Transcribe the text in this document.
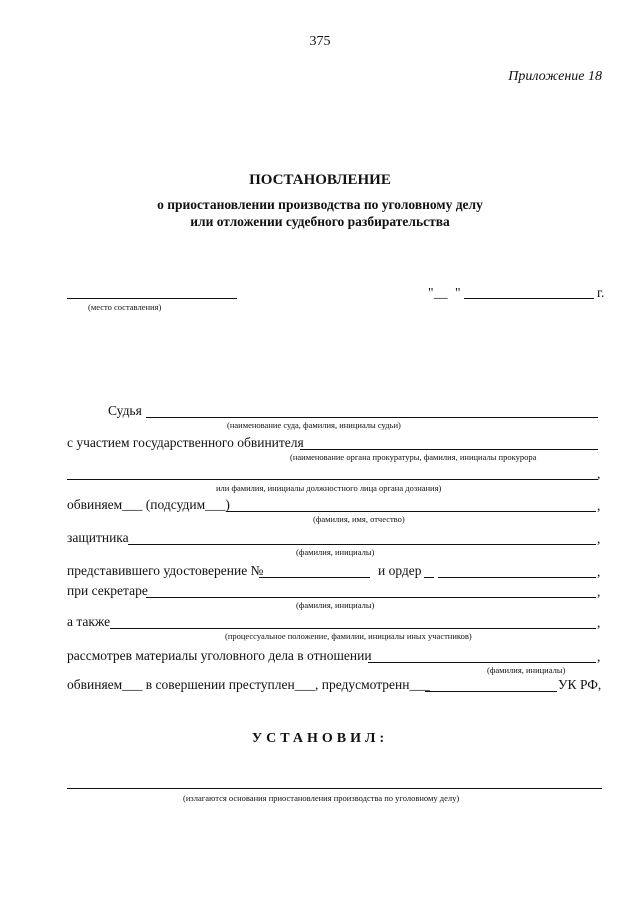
375
Приложение 18
ПОСТАНОВЛЕНИЕ
о приостановлении производства по уголовному делу
или отложении судебного разбирательства
(место составления)
" __ "	г.
Судья
(наименование суда, фамилия, инициалы судьи)
с участием государственного обвинителя
(наименование органа прокуратуры, фамилия, инициалы прокурора
,
или фамилия, инициалы должностного лица органа дознания)
обвиняем___ (подсудим___)	,
(фамилия, имя, отчество)
защитника	,
(фамилия, инициалы)
представившего удостоверение №	и ордер	,
при секретаре	,
(фамилия, инициалы)
а также	,
(процессуальное положение, фамилии, инициалы иных участников)
рассмотрев материалы уголовного дела в отношении	,
(фамилия, инициалы)
обвиняем___ в совершении преступлен___, предусмотренн___	УК РФ,
УСТАНОВИЛ:
(излагаются основания приостановления производства по уголовному делу)
